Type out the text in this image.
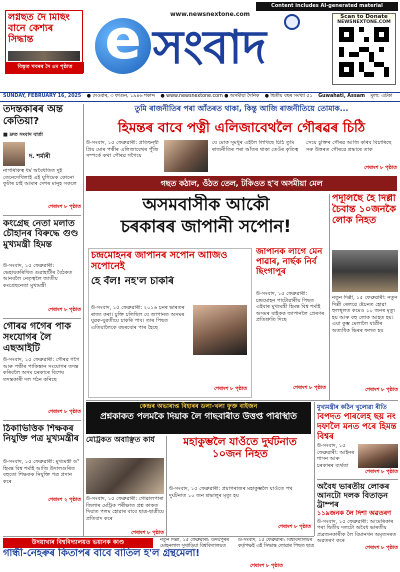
লগ্নছত দৈ মিছিং বানে কেশ্যৰ সিদ্ধান্ত
বিস্তৃত খবৰৰ দৈ ৪ম পৃষ্ঠাত
Content includes AI-generated material
www.newsnextone.com
e সংবাদ
Scan to Donate
NEWSNEXTONE.COM
SUNDAY, FEBRUARY 16, 2025 ● দেওবাৰ, ৩ ফাগুন, ১৯৪৬ শকাব্দ ● www.newsnextone.com ● অসমীয়া দৈনিক ● দ্বিতীয় বছৰ সংখ্যা ৫১ Guwahati, Assam মূল্য: এটকা
তদন্তকাৰৰ অন্ত কেতিয়া?
■ দ্ৰুত সংবাদ বাৰ্তা
দ. শৰ্মাৰী
নাগৰিকিত্ব ধৰ্ম অবৈধতিত দুই তেনেদেখিলাই এই যুগিমেক কোনো ফুটাৰ চাই আমাৰ দেশৰ মানুহ সকলে
শেষাংশ ৮ পৃষ্ঠাত
কংগ্ৰেছ নেতা মলাত চৌহানৰ বিৰুদ্ধে গুণ্ড মুখ্যমন্ত্ৰী হিমন্ত
উ-সংবাদ, ১৫ ফেব্ৰুৱাৰী: ভেহায়কৰিখিত গুৱাহাটীৰ বৈঠকত আনবলৈ নেতৃত্বলৈ জাতীয় কংগ্ৰেছনেতা মুখ্যমন্ত্ৰী
শেষাংশ ৮ পৃষ্ঠাত
গৌৰৱ গগৈৰ পাক সংযোগৰ লৈ এছআইটি
উ-সংবাদ, ১৫ ফেব্ৰুৱাৰী: গৌৰৱ গগৈ আৰু পত্নীৰ পাকিস্তান সংযোগৰ তদন্ত কৰিবলৈ অসম চৰকাৰে বিশেষ তদন্তকাৰী দল গঠন কৰিছে
শেষাংশ ৮ পৃষ্ঠাত
ঠিকাভিত্তিক শিক্ষকৰ নিযুক্তি পত্ৰ মুখ্যমন্ত্ৰীৰ
উ-সংবাদ, ১৫ ফেব্ৰুৱাৰী: মুখ্যমন্ত্ৰী ড° হিমন্ত বিশ্ব শৰ্মাই আজি উদালগুৰিত বহুতো শিক্ষকক নিযুক্তি পত্ৰ প্ৰদান কৰে
শেষাংশ ২ পৃষ্ঠাত
তুমি ৰাজনীতিৰ পৰা আঁতৰত থাকা, কিন্তু আজি ৰাজনীতিয়ে তোমাক...
হিমন্তৰ বাবে পত্নী এলিজাবেথলৈ গৌৰৱৰ চিঠি
উ-সংবাদ, ১৫ ফেব্ৰুৱাৰী: প্ৰতিদ্বন্দ্বী প্ৰিয় মোৰ পত্নীৰ এলিজাবেথৰ পুঁজি সম্পৰ্কে কথা গৌৰৱ গগৈয়ে
যে মোক সুমধুৰ এইলৈ লিখিছে চিঠি তুমি ৰাজনীতিৰ পৰা আঁতৰ থাকা তেওঁৰ কৃতিত্ব
সেয়ে চুক্তিৰ গৌৰৱ আজি কৰিব বিচাৰিছে সৰু উত্তৰত গৌৰৱে শ্ৰদ্ধাৰে তাক
শেষাংশ ৮ পৃষ্ঠাত
গছত কঠাল, ওঁঠত তেল, টকিওত হ'ব অসমীয়া মেল
অসমবাসীক আকৌ
চৰকাৰৰ জাপানী সপোন!
চন্দ্ৰমোহনৰ জাপানৰ সপোন আজিও সপোনেই
হে বঁল! নহ'ল চাকৰি
উ-সংবাদ, ১৫ ফেব্ৰুৱাৰী: ২০১৬ চনৰ ভাৰতৰ ৰাজ্য কৰা। চুক্তি চলিছিল যে জাপানত অসমৰ যুৱক-যুৱতীয়ে চাকৰি পাব। তাৰ পিছত এতিয়ালৈকে বছৰবোৰ পাৰ হৈছে
শেষাংশ ৮ পৃষ্ঠাত
জাপানক লাগে মেন পাৱাৰ, নাৰ্ছক নিৰ্ব ছিংগাপুৰ
উ-সংবাদ, ১৫ ফেব্ৰুৱাৰী: চন্দ্ৰমোহন পাটোৱাৰীয় পিছত এইবাৰ মুখ্যমন্ত্ৰী হিমন্ত বিশ্ব শৰ্মাই অসমৰ বাইকক জাপানলৈ প্ৰেৰণৰ প্ৰতিশ্ৰুতি দিছে
শেষাংশ ৮ পৃষ্ঠাত
পদূলিছৈ হৈ দিল্লী চৈবান্ত ১০জনকৈ লোক নিহত
নতুন দিল্লী, ১৫ ফেব্ৰুৱাৰী: নতুন দিল্লী ৰেলৱে ষ্টেচনত হোৱা হুলস্থূলত কমেও ১০ জনৰ মৃত্যু হয় আৰু বহু লোক আহত হয়। এয়া কুম্ভ মেলালৈ যাত্ৰীৰ অত্যধিক ভিৰৰ ফলত হয়
শেষাংশ ৮ পৃষ্ঠাত
কেন্দ্ৰৰ অভাৰাপ্ত বিহাৰৰ ডলা-খলা ফুক্ত বাইজন
প্ৰশ্নকাকত পলমকৈ দিয়াক লৈ গাছবাৰীত উত্তপ্ত পৰিস্থিতি
মেট্ৰিকত অবাঞ্ছিত কাৰ্য
উ-সংবাদ, ১৫ ফেব্ৰুৱাৰী: গোৱালপাৰা জিলাৰ মেট্ৰিক পৰীক্ষাত প্ৰশ্ন কাকত দিয়াত পলম হোৱাৰ বাবে ছাত্ৰ-ছাত্ৰীয়ে প্ৰতিবাদ কৰে
শেষাংশ ৮ পৃষ্ঠাত
মহাকুম্ভলৈ যাওঁতে দুৰ্ঘটনাত ১০জন নিহত
উ-সংবাদ, ১৫ ফেব্ৰুৱাৰী: প্ৰয়াগৰাজৰ মহাকুম্ভলৈ যাওঁতে পথ দুৰ্ঘটনাত ১০ জন শ্ৰদ্ধালুৰ মৃত্যু হয়
শেষাংশ ৮ পৃষ্ঠাত
মুখ্যমন্ত্ৰীৰ কঠিন খুলোৱা ৰীতি
বিপদত পৰিলেই ছয় নং দফালৈ মনত পৰে হিমন্ত বিশ্বৰ
উ-সংবাদ, ১৫ ফেব্ৰুৱাৰী: আইনৰ শাসন আৰু চৰকাৰৰ ব্যৰ্থতা
শেষাংশ ৮ পৃষ্ঠাত
অবৈধ ভাৰতীয় লোকৰ আনটো দলক বিতাড়ন ট্ৰাম্পৰ
১১৯জনক লৈ দিশা অৱতৰণ
উ-সংবাদ, ১৫ ফেব্ৰুৱাৰী: আমেৰিকাৰ পৰা দ্বিতীয় দলটো অবৈধ ভাৰতীয় প্ৰব্ৰজনকাৰীক লৈ বিমানখন অমৃতসৰত অৱতৰণ কৰে
শেষাংশ ৮ পৃষ্ঠাত
উদয়াখাৰ বিশ্ববিদ্যালয়ত ভয়ানক কাণ্ড
গান্ধী-নেহৰুৰ কিতাপৰ বাবে বাতিল হ'ল গ্ৰন্থমেলা!
নতুন দিল্লী, ১৫ ফেব্ৰুৱাৰী: উদয়পুৰৰ মোহনলাল সুখাড়িয়া বিশ্ববিদ্যালয়ত
উ-সংবাদ, ১৫ ফেব্ৰুৱাৰী: বিশ্ববিদ্যালয়ৰ কৰ্তৃপক্ষই এই সিদ্ধান্ত লোৱাৰ পিছত ছাত্ৰ
শেষাংশ ৮ পৃষ্ঠাত
